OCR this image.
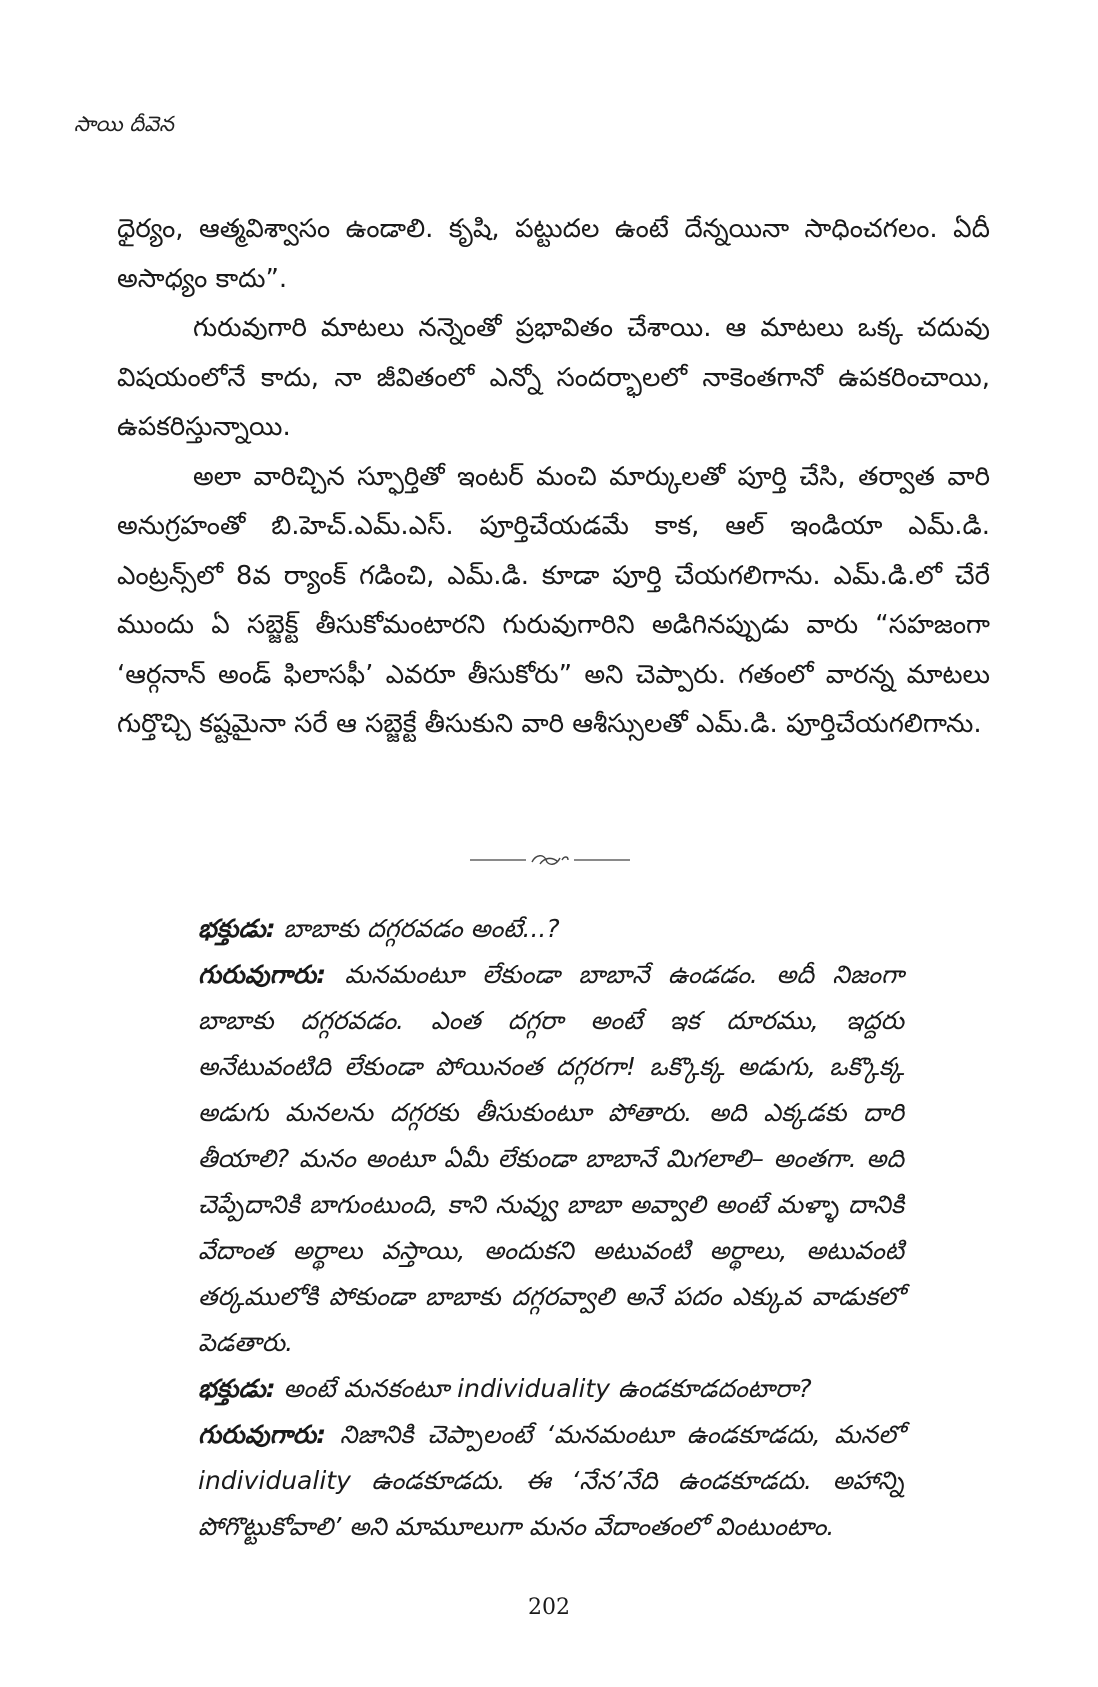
సాయి దీవెన

ధైర్యం, ఆత్మవిశ్వాసం ఉండాలి. కృషి, పట్టుదల ఉంటే దేన్నయినా సాధించగలం. ఏదీ అసాధ్యం కాదు”.

గురువుగారి మాటలు నన్నెంతో ప్రభావితం చేశాయి. ఆ మాటలు ఒక్క చదువు విషయంలోనే కాదు, నా జీవితంలో ఎన్నో సందర్భాలలో నాకెంతగానో ఉపకరించాయి, ఉపకరిస్తున్నాయి.

అలా వారిచ్చిన స్ఫూర్తితో ఇంటర్ మంచి మార్కులతో పూర్తి చేసి, తర్వాత వారి అనుగ్రహంతో బి.హెచ్.ఎమ్.ఎస్. పూర్తిచేయడమే కాక, ఆల్ ఇండియా ఎమ్.డి. ఎంట్రన్స్‌లో 8వ ర్యాంక్ గడించి, ఎమ్.డి. కూడా పూర్తి చేయగలిగాను. ఎమ్.డి.లో చేరే ముందు ఏ సబ్జెక్ట్ తీసుకోమంటారని గురువుగారిని అడిగినప్పుడు వారు “సహజంగా ‘ఆర్గనాన్ అండ్ ఫిలాసఫీ’ ఎవరూ తీసుకోరు” అని చెప్పారు. గతంలో వారన్న మాటలు గుర్తొచ్చి కష్టమైనా సరే ఆ సబ్జెక్టే తీసుకుని వారి ఆశీస్సులతో ఎమ్.డి. పూర్తిచేయగలిగాను.

భక్తుడు: బాబాకు దగ్గరవడం అంటే...?

గురువుగారు: మనమంటూ లేకుండా బాబానే ఉండడం. అదీ నిజంగా బాబాకు దగ్గరవడం. ఎంత దగ్గరా అంటే ఇక దూరము, ఇద్దరు అనేటువంటిది లేకుండా పోయినంత దగ్గరగా! ఒక్కొక్క అడుగు, ఒక్కొక్క అడుగు మనలను దగ్గరకు తీసుకుంటూ పోతారు. అది ఎక్కడకు దారి తీయాలి? మనం అంటూ ఏమీ లేకుండా బాబానే మిగలాలి– అంతగా. అది చెప్పేదానికి బాగుంటుంది, కాని నువ్వు బాబా అవ్వాలి అంటే మళ్ళా దానికి వేదాంత అర్థాలు వస్తాయి, అందుకని అటువంటి అర్థాలు, అటువంటి తర్కములోకి పోకుండా బాబాకు దగ్గరవ్వాలి అనే పదం ఎక్కువ వాడుకలో పెడతారు.

భక్తుడు: అంటే మనకంటూ individuality ఉండకూడదంటారా?

గురువుగారు: నిజానికి చెప్పాలంటే ‘మనమంటూ ఉండకూడదు, మనలో individuality ఉండకూడదు. ఈ ‘నేన’నేది ఉండకూడదు. అహాన్ని పోగొట్టుకోవాలి’ అని మామూలుగా మనం వేదాంతంలో వింటుంటాం.

202
